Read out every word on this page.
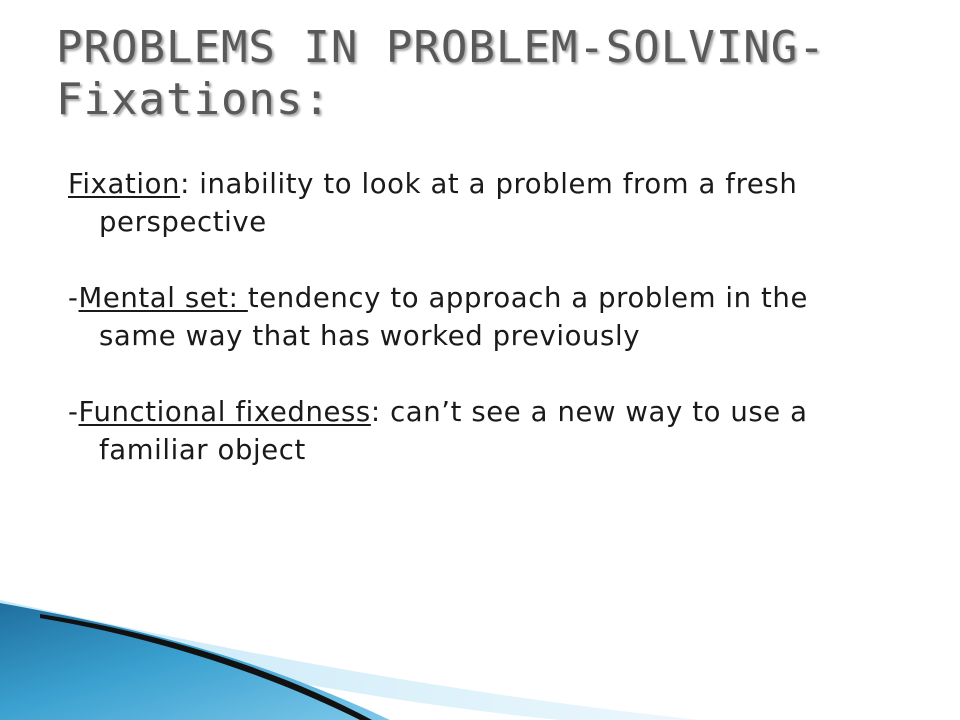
PROBLEMS IN PROBLEM-SOLVING- Fixations:

Fixation: inability to look at a problem from a fresh perspective

-Mental set: tendency to approach a problem in the same way that has worked previously

-Functional fixedness: can’t see a new way to use a familiar object
